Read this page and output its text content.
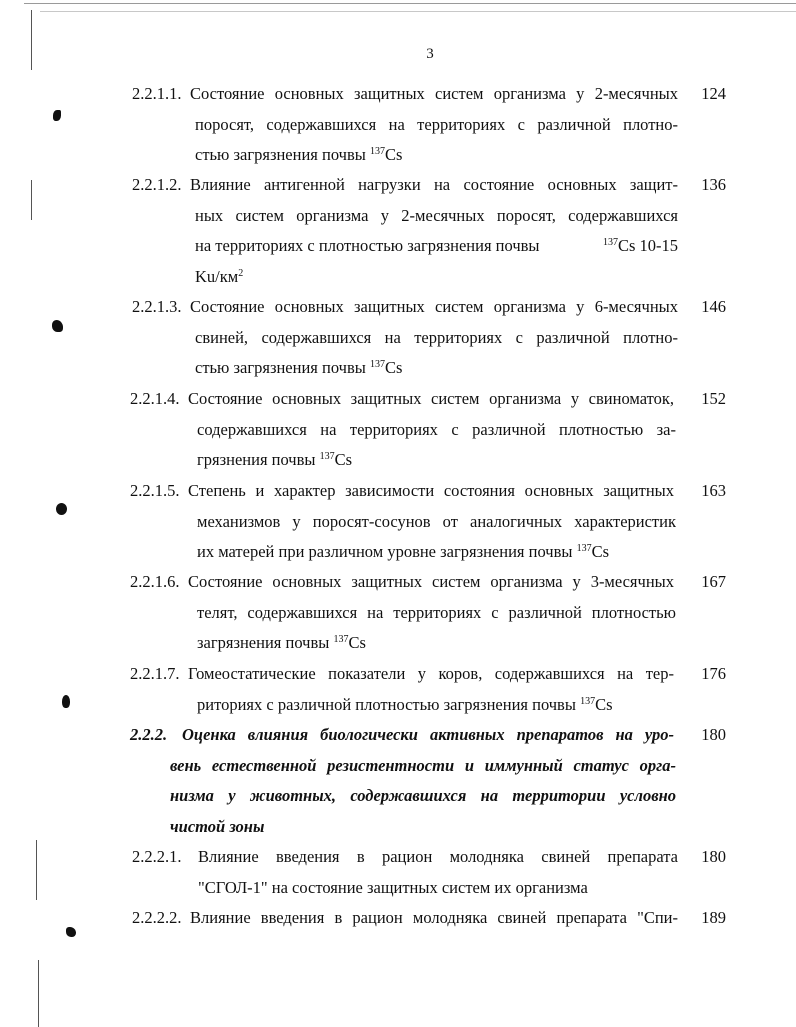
3
2.2.1.1. Состояние основных защитных систем организма у 2-месячных
поросят, содержавшихся на территориях с различной плотно-
стью загрязнения почвы $^{137}$Cs
124
2.2.1.2. Влияние антигенной нагрузки на состояние основных защит-
ных систем организма у 2-месячных поросят, содержавшихся
на территориях с плотностью загрязнения почвы	$^{137}$Cs 10-15
$Ku/км^2$
136
2.2.1.3. Состояние основных защитных систем организма у 6-месячных
свиней, содержавшихся на территориях с различной плотно-
стью загрязнения почвы $^{137}$Cs
146
2.2.1.4. Состояние основных защитных систем организма у свиноматок,
содержавшихся на территориях с различной плотностью за-
грязнения почвы $^{137}$Cs
152
2.2.1.5. Степень и характер зависимости состояния основных защитных
механизмов у поросят-сосунов от аналогичных характеристик
их матерей при различном уровне загрязнения почвы $^{137}$Cs
163
2.2.1.6. Состояние основных защитных систем организма у 3-месячных
телят, содержавшихся на территориях с различной плотностью
загрязнения почвы $^{137}$Cs
167
2.2.1.7. Гомеостатические показатели у коров, содержавшихся на тер-
риториях с различной плотностью загрязнения почвы $^{137}$Cs
176
2.2.2. Оценка влияния биологически активных препаратов на уро-
вень естественной резистентности и иммунный статус орга-
низма у животных, содержавшихся на территории условно
чистой зоны
180
2.2.2.1. Влияние введения в рацион молодняка свиней препарата
"СГОЛ-1" на состояние защитных систем их организма
180
2.2.2.2. Влияние введения в рацион молодняка свиней препарата "Спи-	189
